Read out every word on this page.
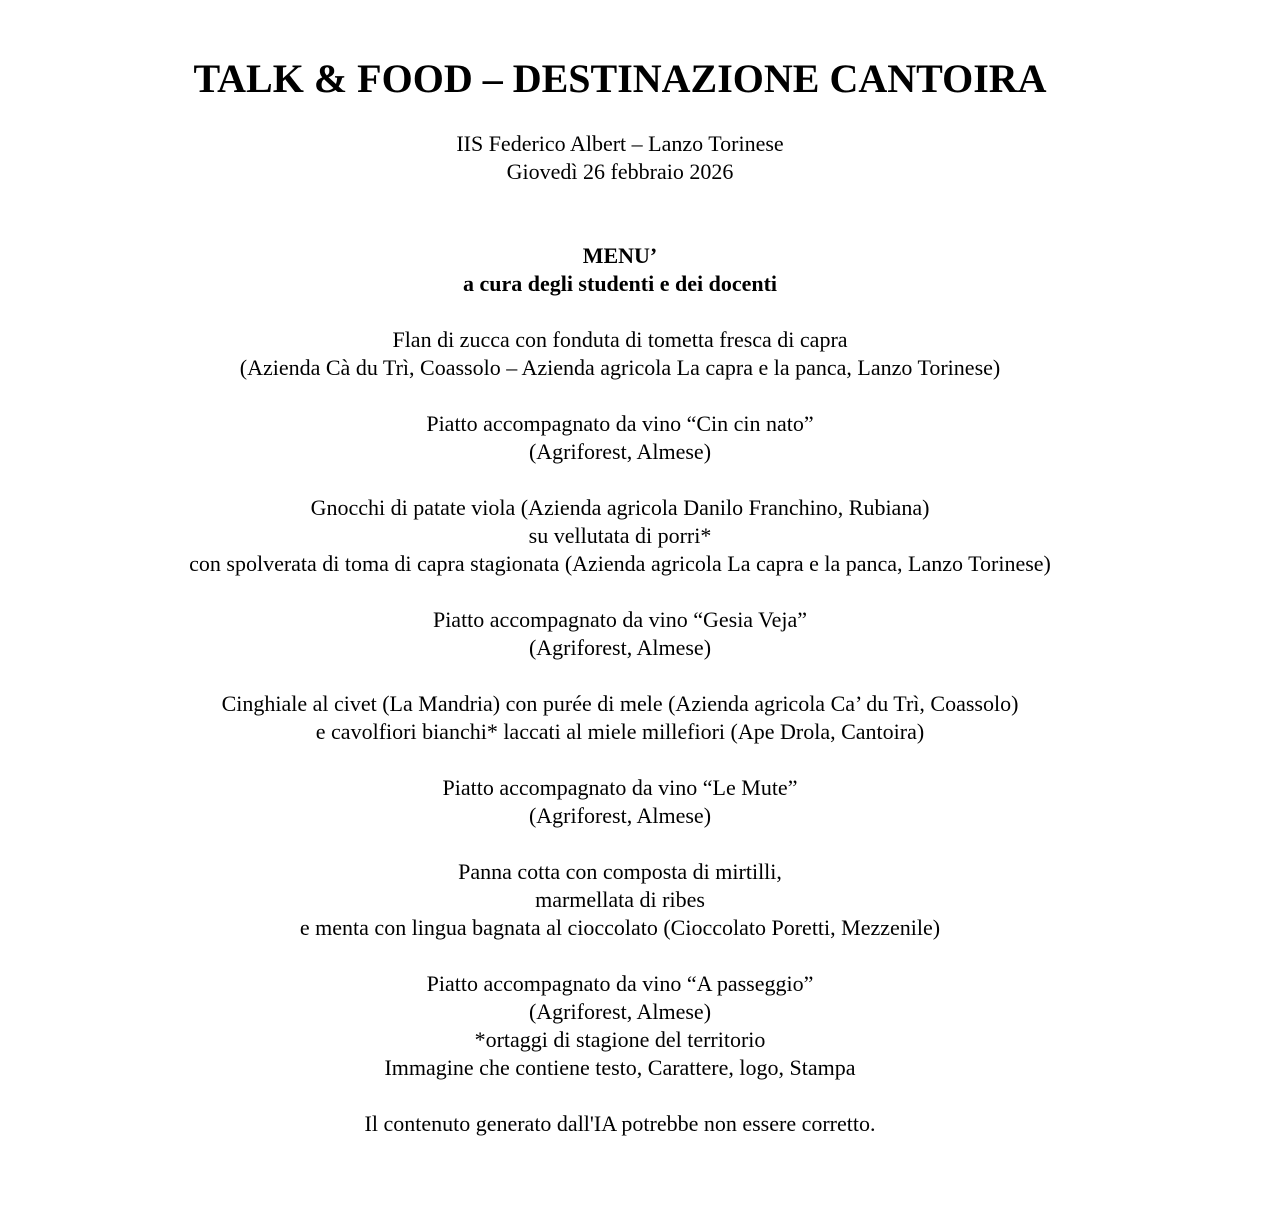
TALK & FOOD – DESTINAZIONE CANTOIRA

IIS Federico Albert – Lanzo Torinese

Giovedì 26 febbraio 2026

MENU’

a cura degli studenti e dei docenti

Flan di zucca con fonduta di tometta fresca di capra

(Azienda Cà du Trì, Coassolo – Azienda agricola La capra e la panca, Lanzo Torinese)

Piatto accompagnato da vino “Cin cin nato”

(Agriforest, Almese)

Gnocchi di patate viola (Azienda agricola Danilo Franchino, Rubiana)

su vellutata di porri*

con spolverata di toma di capra stagionata (Azienda agricola La capra e la panca, Lanzo Torinese)

Piatto accompagnato da vino “Gesia Veja”

(Agriforest, Almese)

Cinghiale al civet (La Mandria) con purée di mele (Azienda agricola Ca’ du Trì, Coassolo)

e cavolfiori bianchi* laccati al miele millefiori (Ape Drola, Cantoira)

Piatto accompagnato da vino “Le Mute”

(Agriforest, Almese)

Panna cotta con composta di mirtilli,

marmellata di ribes

e menta con lingua bagnata al cioccolato (Cioccolato Poretti, Mezzenile)

Piatto accompagnato da vino “A passeggio”

(Agriforest, Almese)

*ortaggi di stagione del territorio

Immagine che contiene testo, Carattere, logo, Stampa

Il contenuto generato dall'IA potrebbe non essere corretto.
